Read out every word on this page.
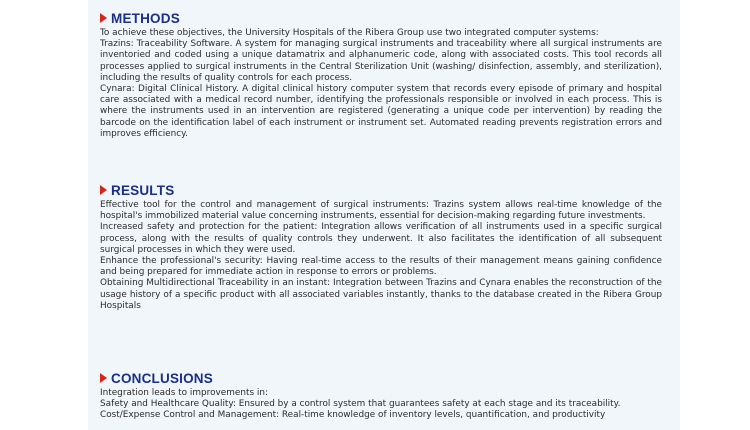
METHODS
To achieve these objectives, the University Hospitals of the Ribera Group use two integrated computer systems:
Trazins: Traceability Software. A system for managing surgical instruments and traceability where all surgical instruments are inventoried and coded using a unique datamatrix and alphanumeric code, along with associated costs. This tool records all processes applied to surgical instruments in the Central Sterilization Unit (washing/ disinfection, assembly, and sterilization), including the results of quality controls for each process.
Cynara: Digital Clinical History. A digital clinical history computer system that records every episode of primary and hospital care associated with a medical record number, identifying the professionals responsible or involved in each process. This is where the instruments used in an intervention are registered (generating a unique code per intervention) by reading the barcode on the identification label of each instrument or instrument set. Automated reading prevents registration errors and improves efficiency.
RESULTS
Effective tool for the control and management of surgical instruments: Trazins system allows real-time knowledge of the hospital's immobilized material value concerning instruments, essential for decision-making regarding future investments.
Increased safety and protection for the patient: Integration allows verification of all instruments used in a specific surgical process, along with the results of quality controls they underwent. It also facilitates the identification of all subsequent surgical processes in which they were used.
Enhance the professional's security: Having real-time access to the results of their management means gaining confidence and being prepared for immediate action in response to errors or problems.
Obtaining Multidirectional Traceability in an instant: Integration between Trazins and Cynara enables the reconstruction of the usage history of a specific product with all associated variables instantly, thanks to the database created in the Ribera Group Hospitals
CONCLUSIONS
Integration leads to improvements in:
Safety and Healthcare Quality: Ensured by a control system that guarantees safety at each stage and its traceability.
Cost/Expense Control and Management: Real-time knowledge of inventory levels, quantification, and productivity
